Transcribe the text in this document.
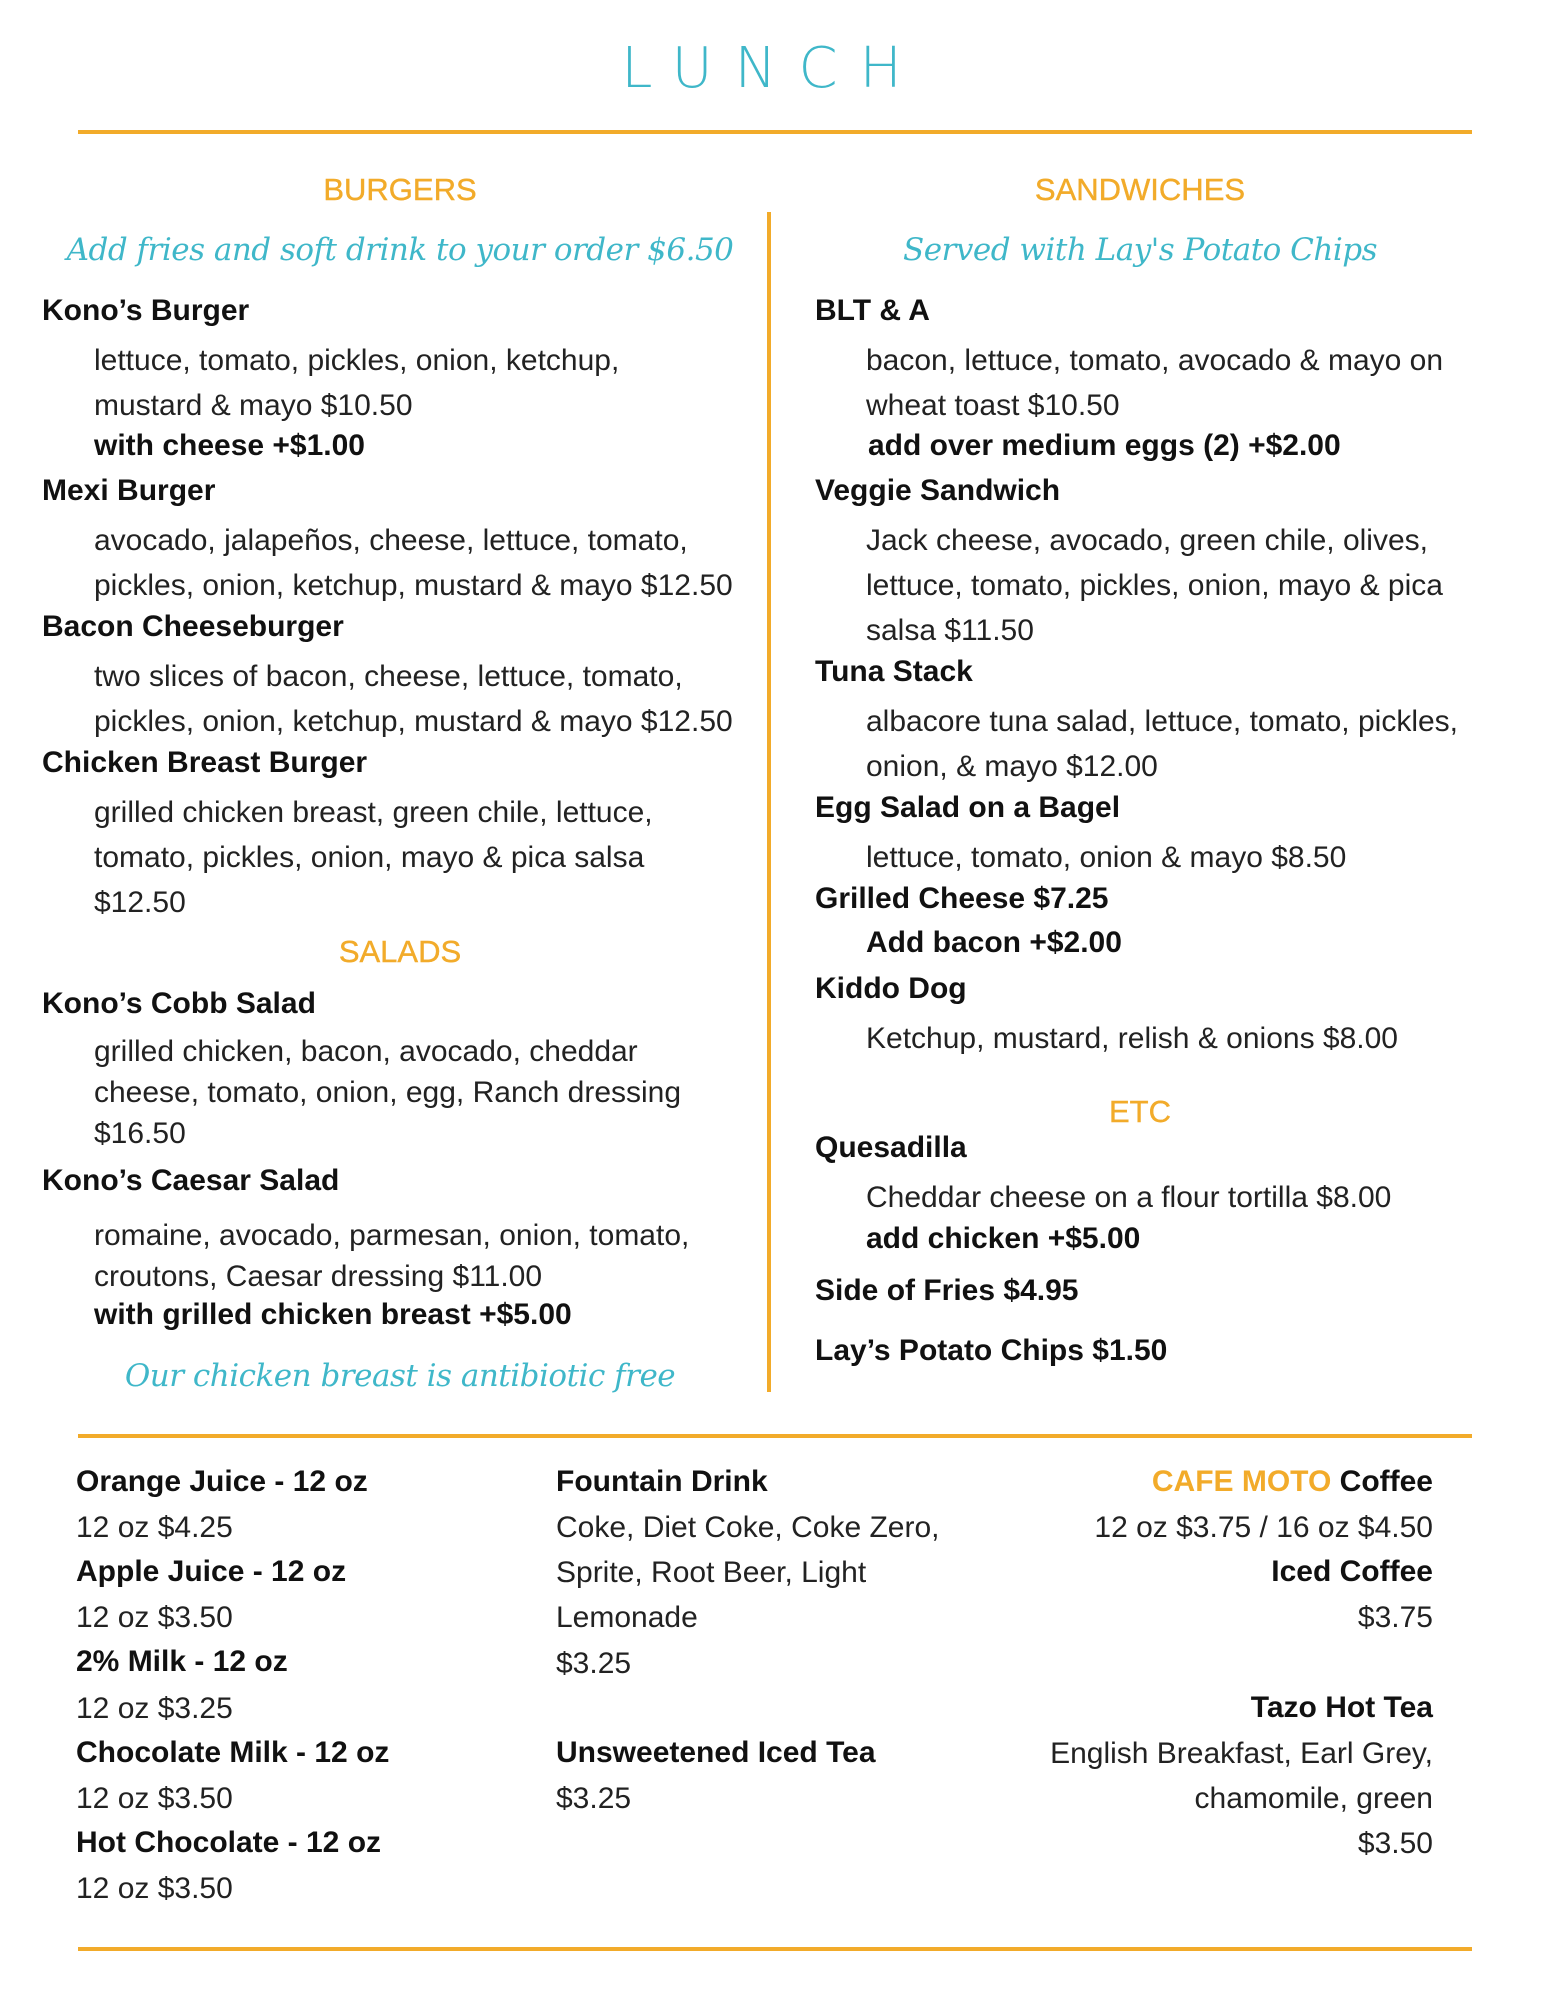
LUNCH
BURGERS
Add fries and soft drink to your order $6.50
Kono’s Burger
lettuce, tomato, pickles, onion, ketchup, mustard & mayo $10.50
with cheese +$1.00
Mexi Burger
avocado, jalapeños, cheese, lettuce, tomato, pickles, onion, ketchup, mustard & mayo $12.50
Bacon Cheeseburger
two slices of bacon, cheese, lettuce, tomato, pickles, onion, ketchup, mustard & mayo $12.50
Chicken Breast Burger
grilled chicken breast, green chile, lettuce, tomato, pickles, onion, mayo & pica salsa $12.50
SALADS
Kono’s Cobb Salad
grilled chicken, bacon, avocado, cheddar cheese, tomato, onion, egg, Ranch dressing $16.50
Kono’s Caesar Salad
romaine, avocado, parmesan, onion, tomato, croutons, Caesar dressing $11.00
with grilled chicken breast +$5.00
Our chicken breast is antibiotic free
SANDWICHES
Served with Lay's Potato Chips
BLT & A
bacon, lettuce, tomato, avocado & mayo on wheat toast $10.50
add over medium eggs (2) +$2.00
Veggie Sandwich
Jack cheese, avocado, green chile, olives, lettuce, tomato, pickles, onion, mayo & pica salsa $11.50
Tuna Stack
albacore tuna salad, lettuce, tomato, pickles, onion, & mayo $12.00
Egg Salad on a Bagel
lettuce, tomato, onion & mayo $8.50
Grilled Cheese $7.25
Add bacon +$2.00
Kiddo Dog
Ketchup, mustard, relish & onions $8.00
ETC
Quesadilla
Cheddar cheese on a flour tortilla $8.00
add chicken +$5.00
Side of Fries $4.95
Lay’s Potato Chips $1.50
Orange Juice - 12 oz
12 oz $4.25
Apple Juice - 12 oz
12 oz $3.50
2% Milk - 12 oz
12 oz $3.25
Chocolate Milk - 12 oz
12 oz $3.50
Hot Chocolate - 12 oz
12 oz $3.50
Fountain Drink
Coke, Diet Coke, Coke Zero,
Sprite, Root Beer, Light
Lemonade
$3.25
Unsweetened Iced Tea
$3.25
CAFE MOTO Coffee
12 oz $3.75 / 16 oz $4.50
Iced Coffee
$3.75
Tazo Hot Tea
English Breakfast, Earl Grey,
chamomile, green
$3.50
